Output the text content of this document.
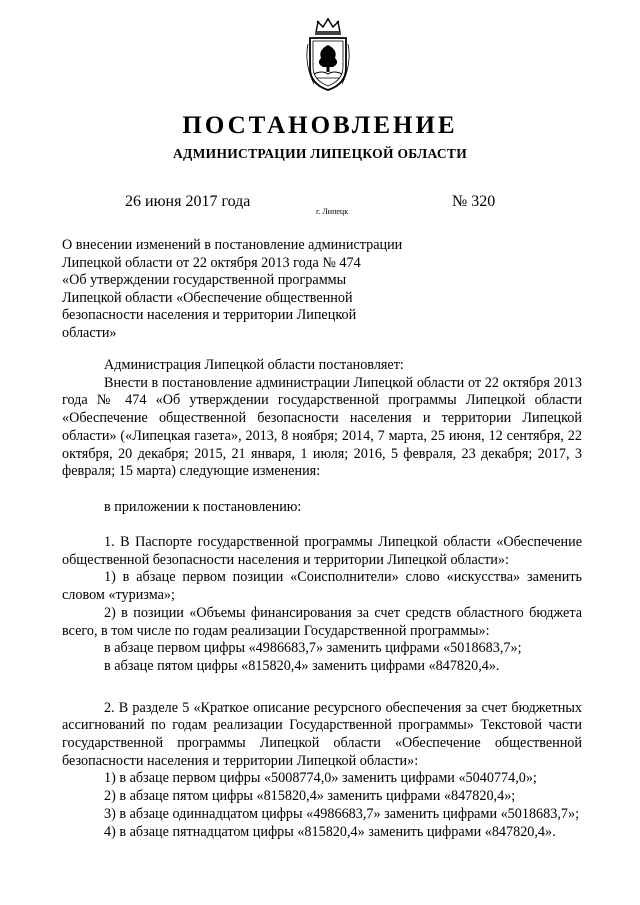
ПОСТАНОВЛЕНИЕ
АДМИНИСТРАЦИИ ЛИПЕЦКОЙ ОБЛАСТИ
26 июня 2017 года
г. Липецк
№ 320
О внесении изменений в постановление администрации
Липецкой области от 22 октября 2013 года № 474
«Об утверждении государственной программы
Липецкой области «Обеспечение общественной
безопасности населения и территории Липецкой
области»

Администрация Липецкой области постановляет:

Внести в постановление администрации Липецкой области от 22 октября 2013 года № 474 «Об утверждении государственной программы Липецкой области «Обеспечение общественной безопасности населения и территории Липецкой области» («Липецкая газета», 2013, 8 ноября; 2014, 7 марта, 25 июня, 12 сентября, 22 октября, 20 декабря; 2015, 21 января, 1 июля; 2016, 5 февраля, 23 декабря; 2017, 3 февраля; 15 марта) следующие изменения:

в приложении к постановлению:

1. В Паспорте государственной программы Липецкой области «Обеспечение общественной безопасности населения и территории Липецкой области»:

1) в абзаце первом позиции «Соисполнители» слово «искусства» заменить словом «туризма»;

2) в позиции «Объемы финансирования за счет средств областного бюджета всего, в том числе по годам реализации Государственной программы»:

в абзаце первом цифры «4986683,7» заменить цифрами «5018683,7»;

в абзаце пятом цифры «815820,4» заменить цифрами «847820,4».

2. В разделе 5 «Краткое описание ресурсного обеспечения за счет бюджетных ассигнований по годам реализации Государственной программы» Текстовой части государственной программы Липецкой области «Обеспечение общественной безопасности населения и территории Липецкой области»:

1) в абзаце первом цифры «5008774,0» заменить цифрами «5040774,0»;

2) в абзаце пятом цифры «815820,4» заменить цифрами «847820,4»;

3) в абзаце одиннадцатом цифры «4986683,7» заменить цифрами «5018683,7»;

4) в абзаце пятнадцатом цифры «815820,4» заменить цифрами «847820,4».
